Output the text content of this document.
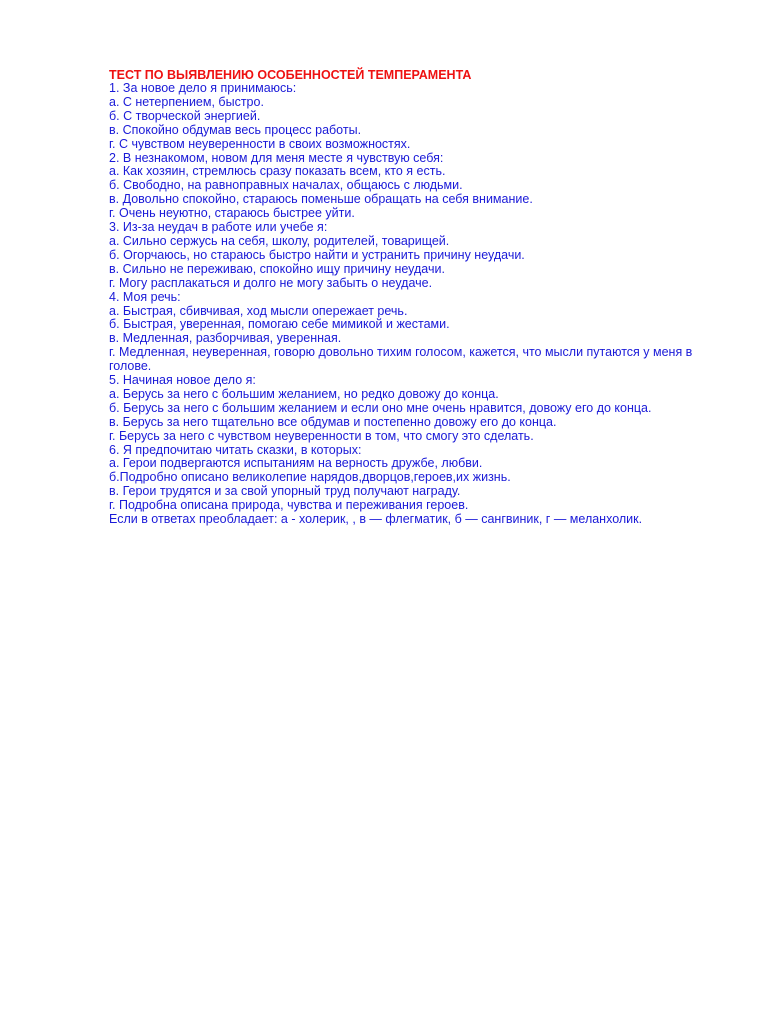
ТЕСТ ПО ВЫЯВЛЕНИЮ ОСОБЕННОСТЕЙ ТЕМПЕРАМЕНТА

1. За новое дело я принимаюсь:

а. С нетерпением, быстро.

б. С творческой энергией.

в. Спокойно обдумав весь процесс работы.

г. С чувством неуверенности в своих возможностях.

2. В незнакомом, новом для меня месте я чувствую себя:

а. Как хозяин, стремлюсь сразу показать всем, кто я есть.

б. Свободно, на равноправных началах, общаюсь с людьми.

в. Довольно спокойно, стараюсь поменьше обращать на себя внимание.

г. Очень неуютно, стараюсь быстрее уйти.

3. Из-за неудач в работе или учебе я:

а. Сильно сержусь на себя, школу, родителей, товарищей.

б. Огорчаюсь, но стараюсь быстро найти и устранить причину неудачи.

в. Сильно не переживаю, спокойно ищу причину неудачи.

г. Могу расплакаться и долго не могу забыть о неудаче.

4. Моя речь:

а. Быстрая, сбивчивая, ход мысли опережает речь.

б. Быстрая, уверенная, помогаю себе мимикой и жестами.

в. Медленная, разборчивая, уверенная.

г. Медленная, неуверенная, говорю довольно тихим голосом, кажется, что мысли путаются у меня в голове.

5. Начиная новое дело я:

а. Берусь за него с большим желанием, но редко довожу до конца.

б. Берусь за него с большим желанием и если оно мне очень нравится, довожу его до конца.

в. Берусь за него тщательно все обдумав и постепенно довожу его до конца.

г. Берусь за него с чувством неуверенности в том, что смогу это сделать.

6. Я предпочитаю читать сказки, в которых:

а. Герои подвергаются испытаниям на верность дружбе, любви.

б.Подробно описано великолепие нарядов,дворцов,героев,их жизнь.

в. Герои трудятся и за свой упорный труд получают награду.

г. Подробна описана природа, чувства и переживания героев.

Если в ответах преобладает: а - холерик, , в — флегматик, б — сангвиник, г — меланхолик.
